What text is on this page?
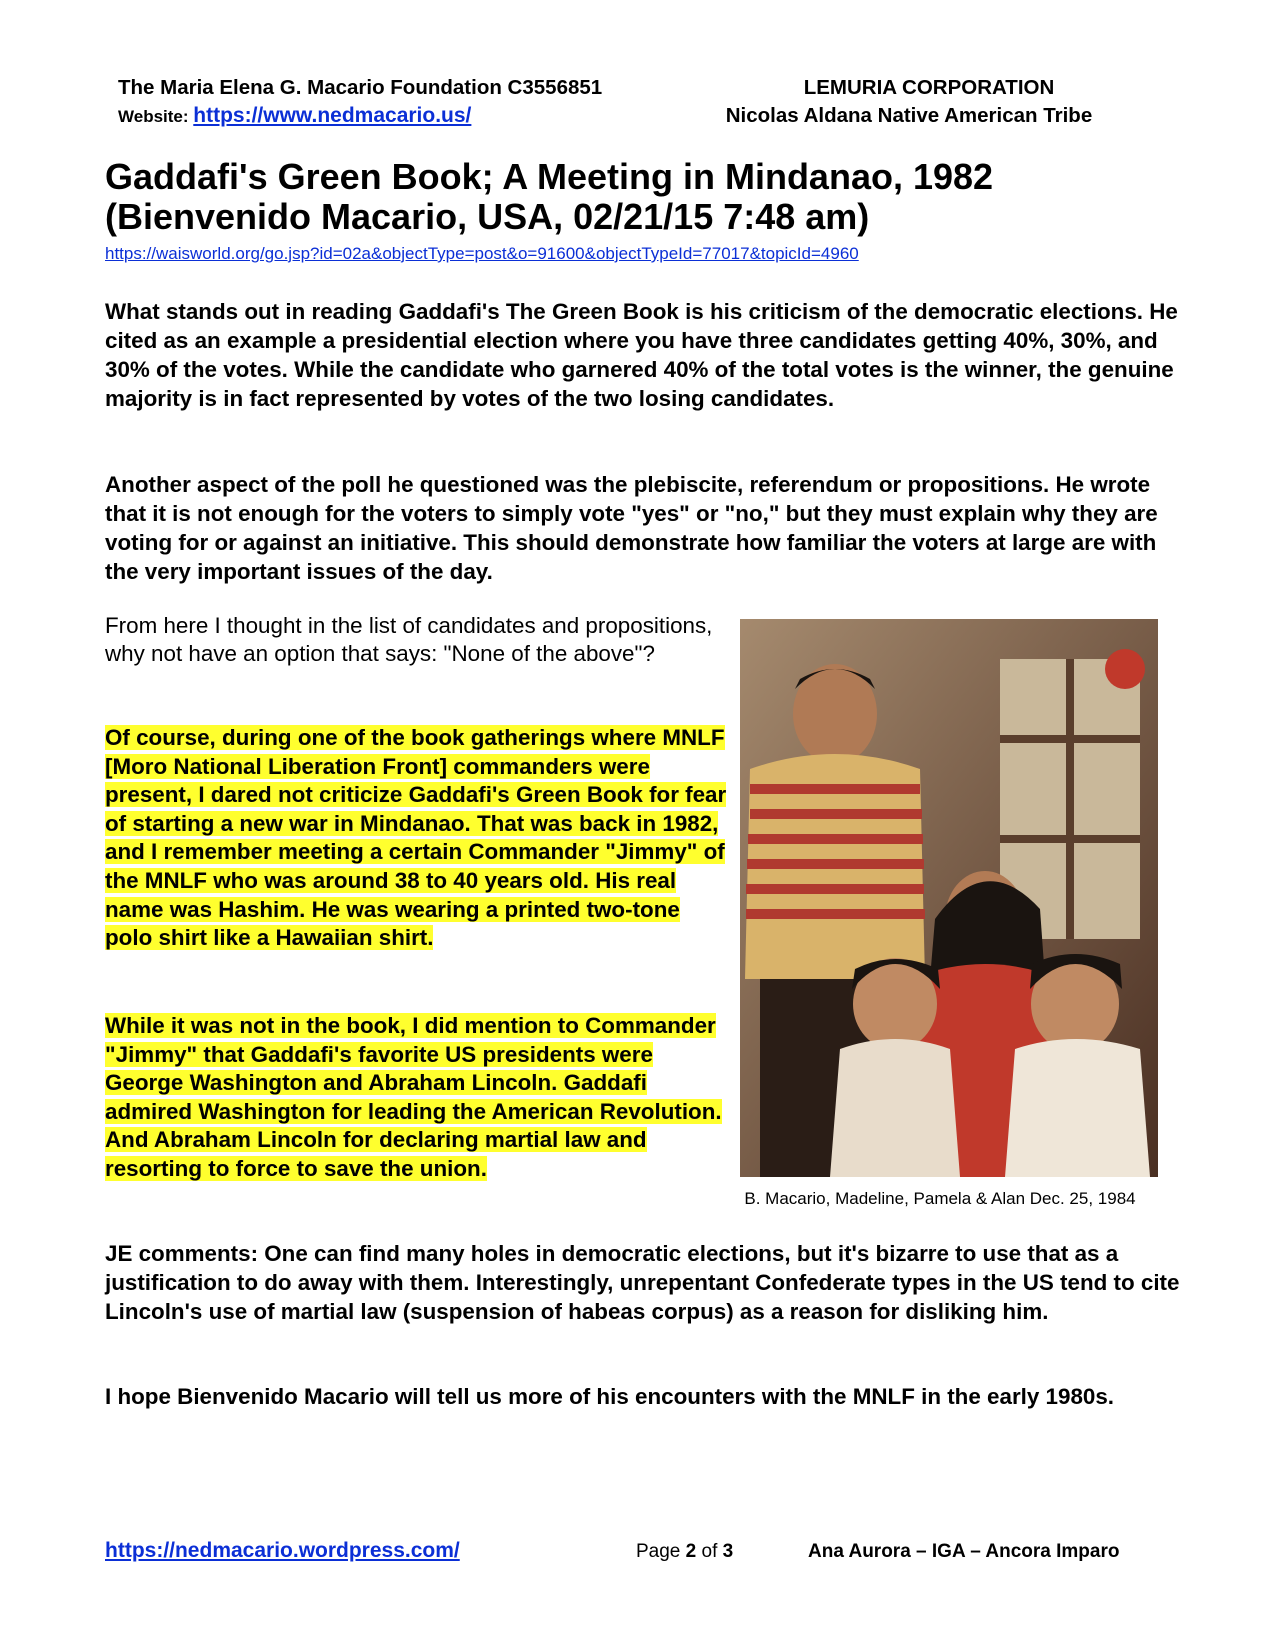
The Maria Elena G. Macario Foundation C3556851
Website: https://www.nedmacario.us/
LEMURIA CORPORATION
Nicolas Aldana Native American Tribe
Gaddafi's Green Book; A Meeting in Mindanao, 1982
(Bienvenido Macario, USA, 02/21/15 7:48 am)
https://waisworld.org/go.jsp?id=02a&objectType=post&o=91600&objectTypeId=77017&topicId=4960
What stands out in reading Gaddafi's The Green Book is his criticism of the democratic elections. He cited as an example a presidential election where you have three candidates getting 40%, 30%, and 30% of the votes. While the candidate who garnered 40% of the total votes is the winner, the genuine majority is in fact represented by votes of the two losing candidates.
Another aspect of the poll he questioned was the plebiscite, referendum or propositions. He wrote that it is not enough for the voters to simply vote "yes" or "no," but they must explain why they are voting for or against an initiative. This should demonstrate how familiar the voters at large are with the very important issues of the day.
From here I thought in the list of candidates and propositions, why not have an option that says: "None of the above"?
Of course, during one of the book gatherings where MNLF [Moro National Liberation Front] commanders were present, I dared not criticize Gaddafi's Green Book for fear of starting a new war in Mindanao. That was back in 1982, and I remember meeting a certain Commander "Jimmy" of the MNLF who was around 38 to 40 years old. His real name was Hashim. He was wearing a printed two-tone polo shirt like a Hawaiian shirt.
While it was not in the book, I did mention to Commander "Jimmy" that Gaddafi's favorite US presidents were George Washington and Abraham Lincoln. Gaddafi admired Washington for leading the American Revolution. And Abraham Lincoln for declaring martial law and resorting to force to save the union.
B. Macario, Madeline, Pamela & Alan Dec. 25, 1984
JE comments: One can find many holes in democratic elections, but it's bizarre to use that as a justification to do away with them. Interestingly, unrepentant Confederate types in the US tend to cite Lincoln's use of martial law (suspension of habeas corpus) as a reason for disliking him.
I hope Bienvenido Macario will tell us more of his encounters with the MNLF in the early 1980s.
https://nedmacario.wordpress.com/	Page 2 of 3	Ana Aurora – IGA – Ancora Imparo
